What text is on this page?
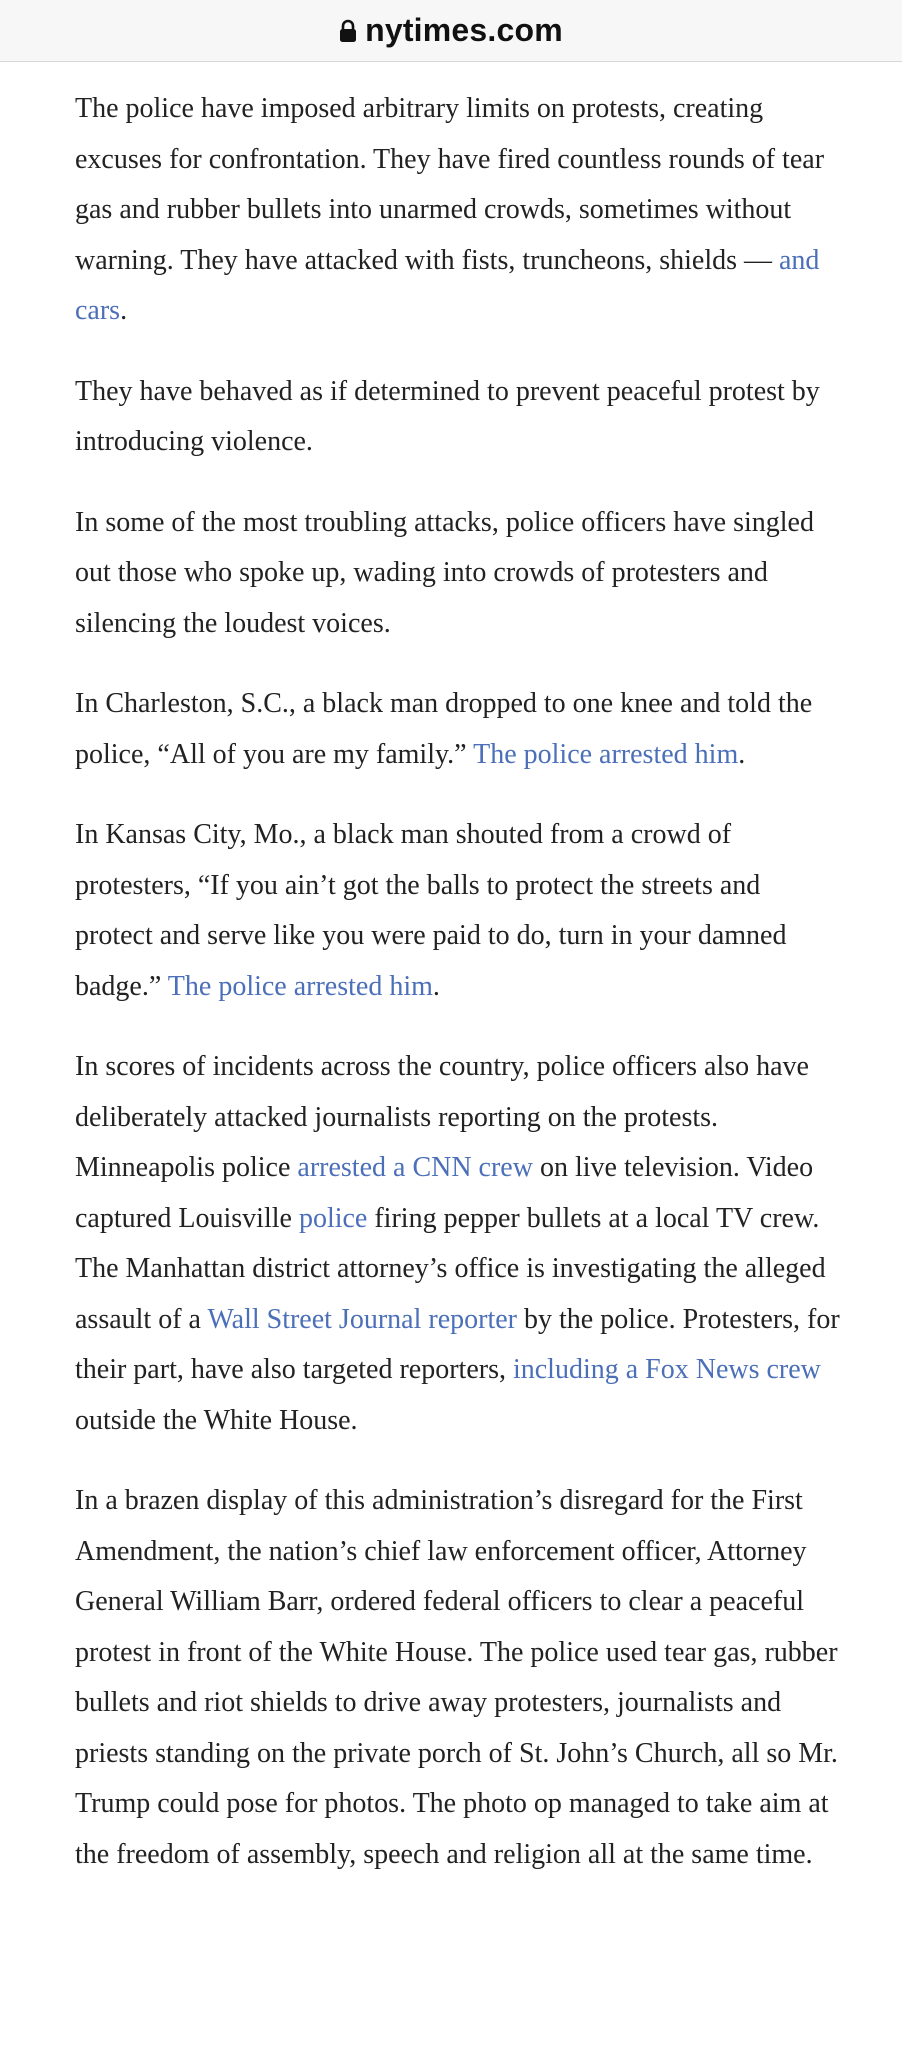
nytimes.com

The police have imposed arbitrary limits on protests, creating excuses for confrontation. They have fired countless rounds of tear gas and rubber bullets into unarmed crowds, sometimes without warning. They have attacked with fists, truncheons, shields — and cars.

They have behaved as if determined to prevent peaceful protest by introducing violence.

In some of the most troubling attacks, police officers have singled out those who spoke up, wading into crowds of protesters and silencing the loudest voices.

In Charleston, S.C., a black man dropped to one knee and told the police, “All of you are my family.” The police arrested him.

In Kansas City, Mo., a black man shouted from a crowd of protesters, “If you ain’t got the balls to protect the streets and protect and serve like you were paid to do, turn in your damned badge.” The police arrested him.

In scores of incidents across the country, police officers also have deliberately attacked journalists reporting on the protests. Minneapolis police arrested a CNN crew on live television. Video captured Louisville police firing pepper bullets at a local TV crew. The Manhattan district attorney’s office is investigating the alleged assault of a Wall Street Journal reporter by the police. Protesters, for their part, have also targeted reporters, including a Fox News crew outside the White House.

In a brazen display of this administration’s disregard for the First Amendment, the nation’s chief law enforcement officer, Attorney General William Barr, ordered federal officers to clear a peaceful protest in front of the White House. The police used tear gas, rubber bullets and riot shields to drive away protesters, journalists and priests standing on the private porch of St. John’s Church, all so Mr. Trump could pose for photos. The photo op managed to take aim at the freedom of assembly, speech and religion all at the same time.
